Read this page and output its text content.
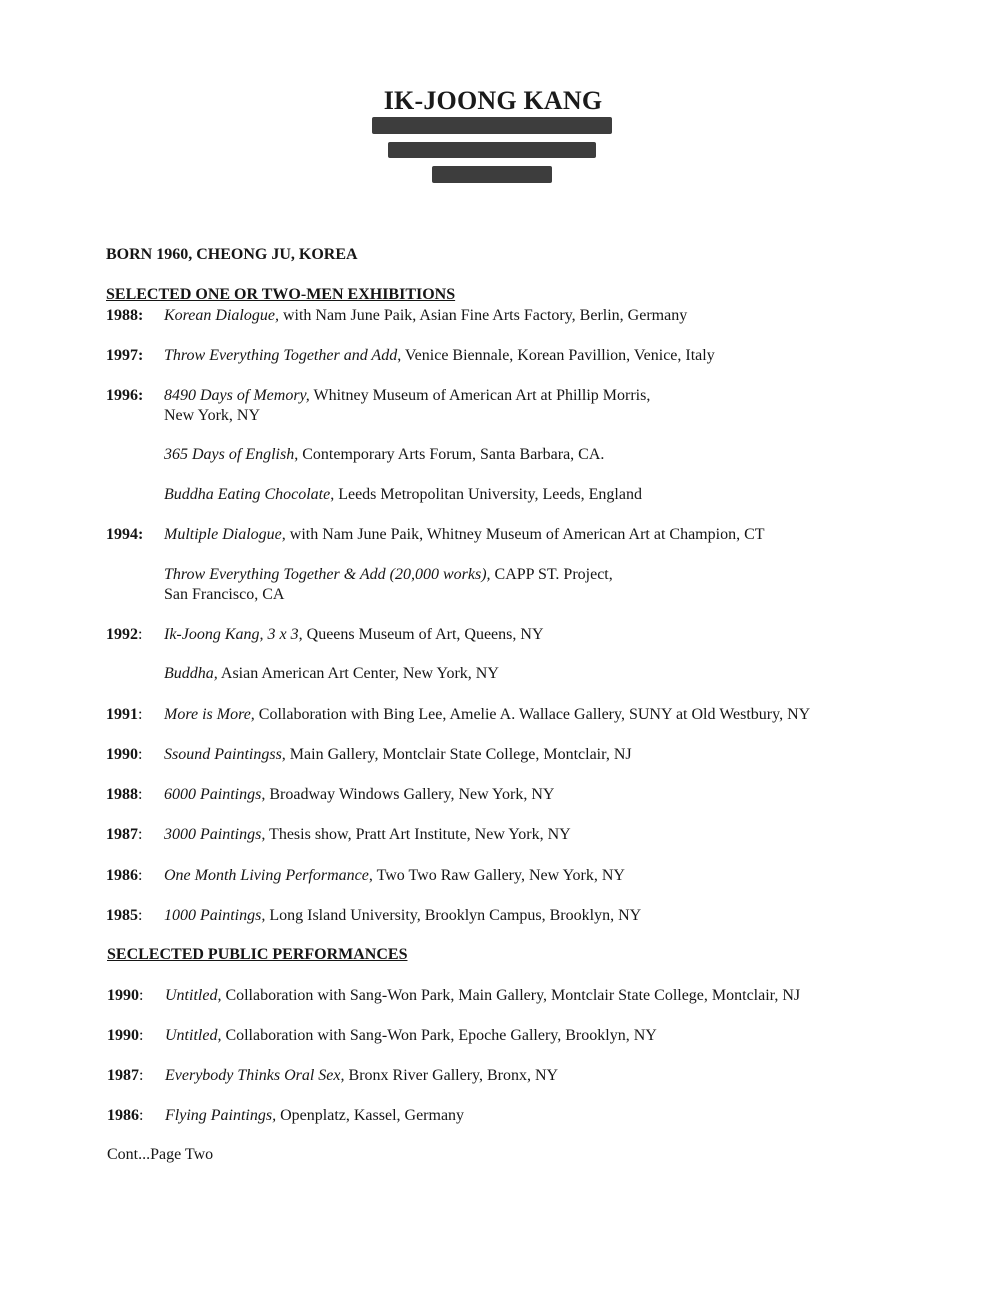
IK-JOONG KANG
BORN 1960, CHEONG JU, KOREA
SELECTED ONE OR TWO-MEN EXHIBITIONS
1988:	Korean Dialogue, with Nam June Paik, Asian Fine Arts Factory, Berlin, Germany
1997:	Throw Everything Together and Add, Venice Biennale, Korean Pavillion, Venice, Italy
1996:	8490 Days of Memory, Whitney Museum of American Art at Phillip Morris,
New York, NY
365 Days of English, Contemporary Arts Forum, Santa Barbara, CA.
Buddha Eating Chocolate, Leeds Metropolitan University, Leeds, England
1994:	Multiple Dialogue, with Nam June Paik, Whitney Museum of American Art at Champion, CT
Throw Everything Together & Add (20,000 works), CAPP ST. Project,
San Francisco, CA
1992:	Ik-Joong Kang, 3 x 3, Queens Museum of Art, Queens, NY
Buddha, Asian American Art Center, New York, NY
1991:	More is More, Collaboration with Bing Lee, Amelie A. Wallace Gallery, SUNY at Old Westbury, NY
1990:	Ssound Paintingss, Main Gallery, Montclair State College, Montclair, NJ
1988:	6000 Paintings, Broadway Windows Gallery, New York, NY
1987:	3000 Paintings, Thesis show, Pratt Art Institute, New York, NY
1986:	One Month Living Performance, Two Two Raw Gallery, New York, NY
1985:	1000 Paintings, Long Island University, Brooklyn Campus, Brooklyn, NY
SECLECTED PUBLIC PERFORMANCES
1990:	Untitled, Collaboration with Sang-Won Park, Main Gallery, Montclair State College, Montclair, NJ
1990:	Untitled, Collaboration with Sang-Won Park, Epoche Gallery, Brooklyn, NY
1987:	Everybody Thinks Oral Sex, Bronx River Gallery, Bronx, NY
1986:	Flying Paintings, Openplatz, Kassel, Germany
Cont...Page Two
